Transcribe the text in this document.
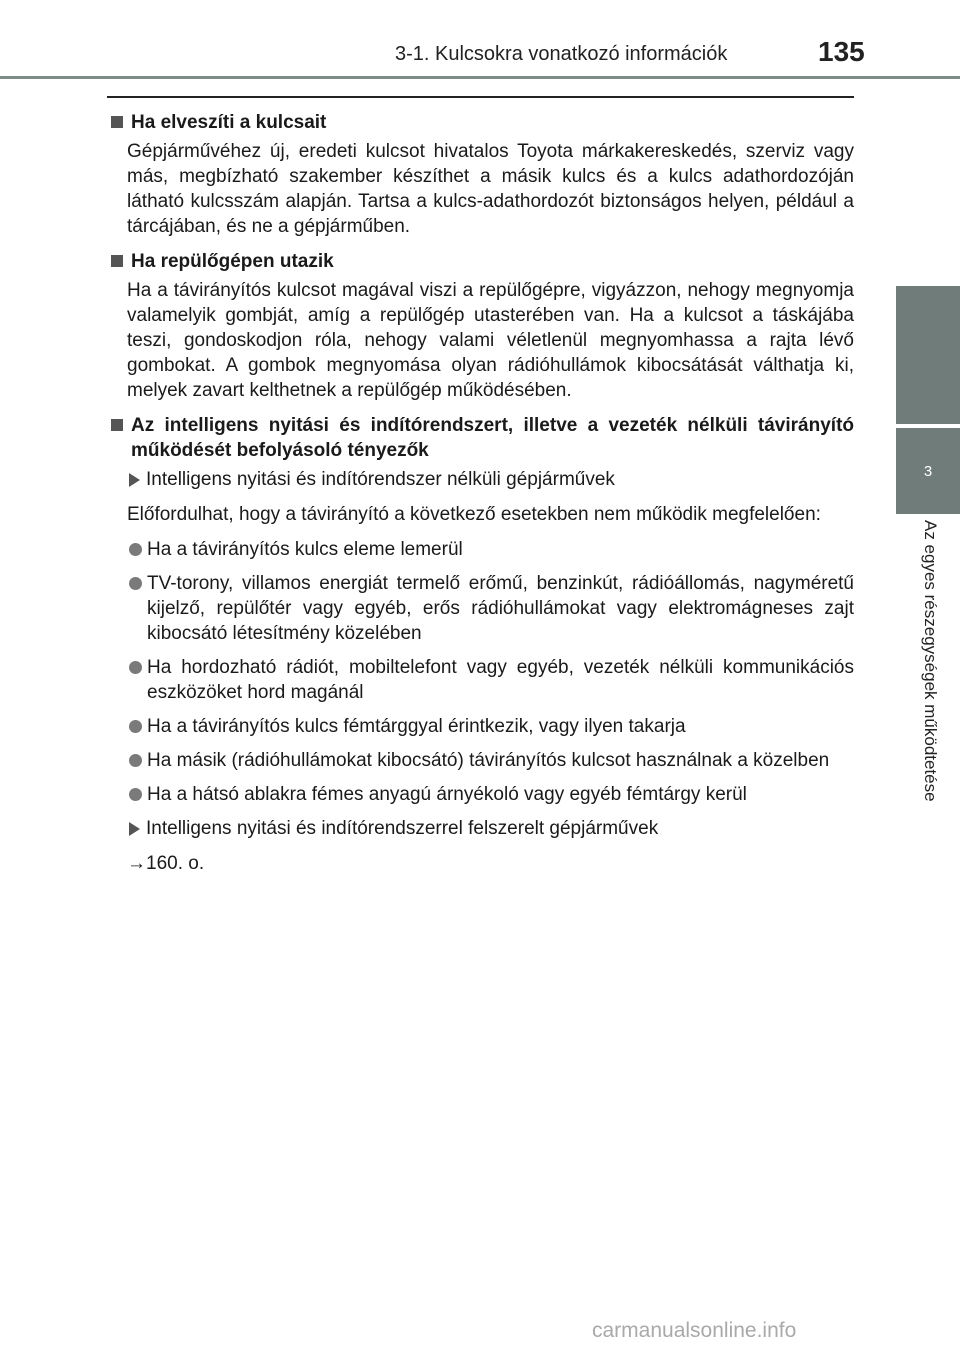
3-1. Kulcsokra vonatkozó információk	135
3
Az egyes részegységek működtetése
Ha elveszíti a kulcsait
Gépjárművéhez új, eredeti kulcsot hivatalos Toyota márkakereskedés, szerviz vagy más, megbízható szakember készíthet a másik kulcs és a kulcs adathordozóján látható kulcsszám alapján. Tartsa a kulcs-adathordozót biztonságos helyen, például a tárcájában, és ne a gépjárműben.
Ha repülőgépen utazik
Ha a távirányítós kulcsot magával viszi a repülőgépre, vigyázzon, nehogy megnyomja valamelyik gombját, amíg a repülőgép utasterében van. Ha a kulcsot a táskájába teszi, gondoskodjon róla, nehogy valami véletlenül megnyomhassa a rajta lévő gombokat. A gombok megnyomása olyan rádióhullámok kibocsátását válthatja ki, melyek zavart kelthetnek a repülőgép működésében.
Az intelligens nyitási és indítórendszert, illetve a vezeték nélküli távirányító működését befolyásoló tényezők
Intelligens nyitási és indítórendszer nélküli gépjárművek
Előfordulhat, hogy a távirányító a következő esetekben nem működik megfelelően:
Ha a távirányítós kulcs eleme lemerül
TV-torony, villamos energiát termelő erőmű, benzinkút, rádióállomás, nagyméretű kijelző, repülőtér vagy egyéb, erős rádióhullámokat vagy elektromágneses zajt kibocsátó létesítmény közelében
Ha hordozható rádiót, mobiltelefont vagy egyéb, vezeték nélküli kommunikációs eszközöket hord magánál
Ha a távirányítós kulcs fémtárggyal érintkezik, vagy ilyen takarja
Ha másik (rádióhullámokat kibocsátó) távirányítós kulcsot használnak a közelben
Ha a hátsó ablakra fémes anyagú árnyékoló vagy egyéb fémtárgy kerül
Intelligens nyitási és indítórendszerrel felszerelt gépjárművek
→160. o.
carmanualsonline.info
